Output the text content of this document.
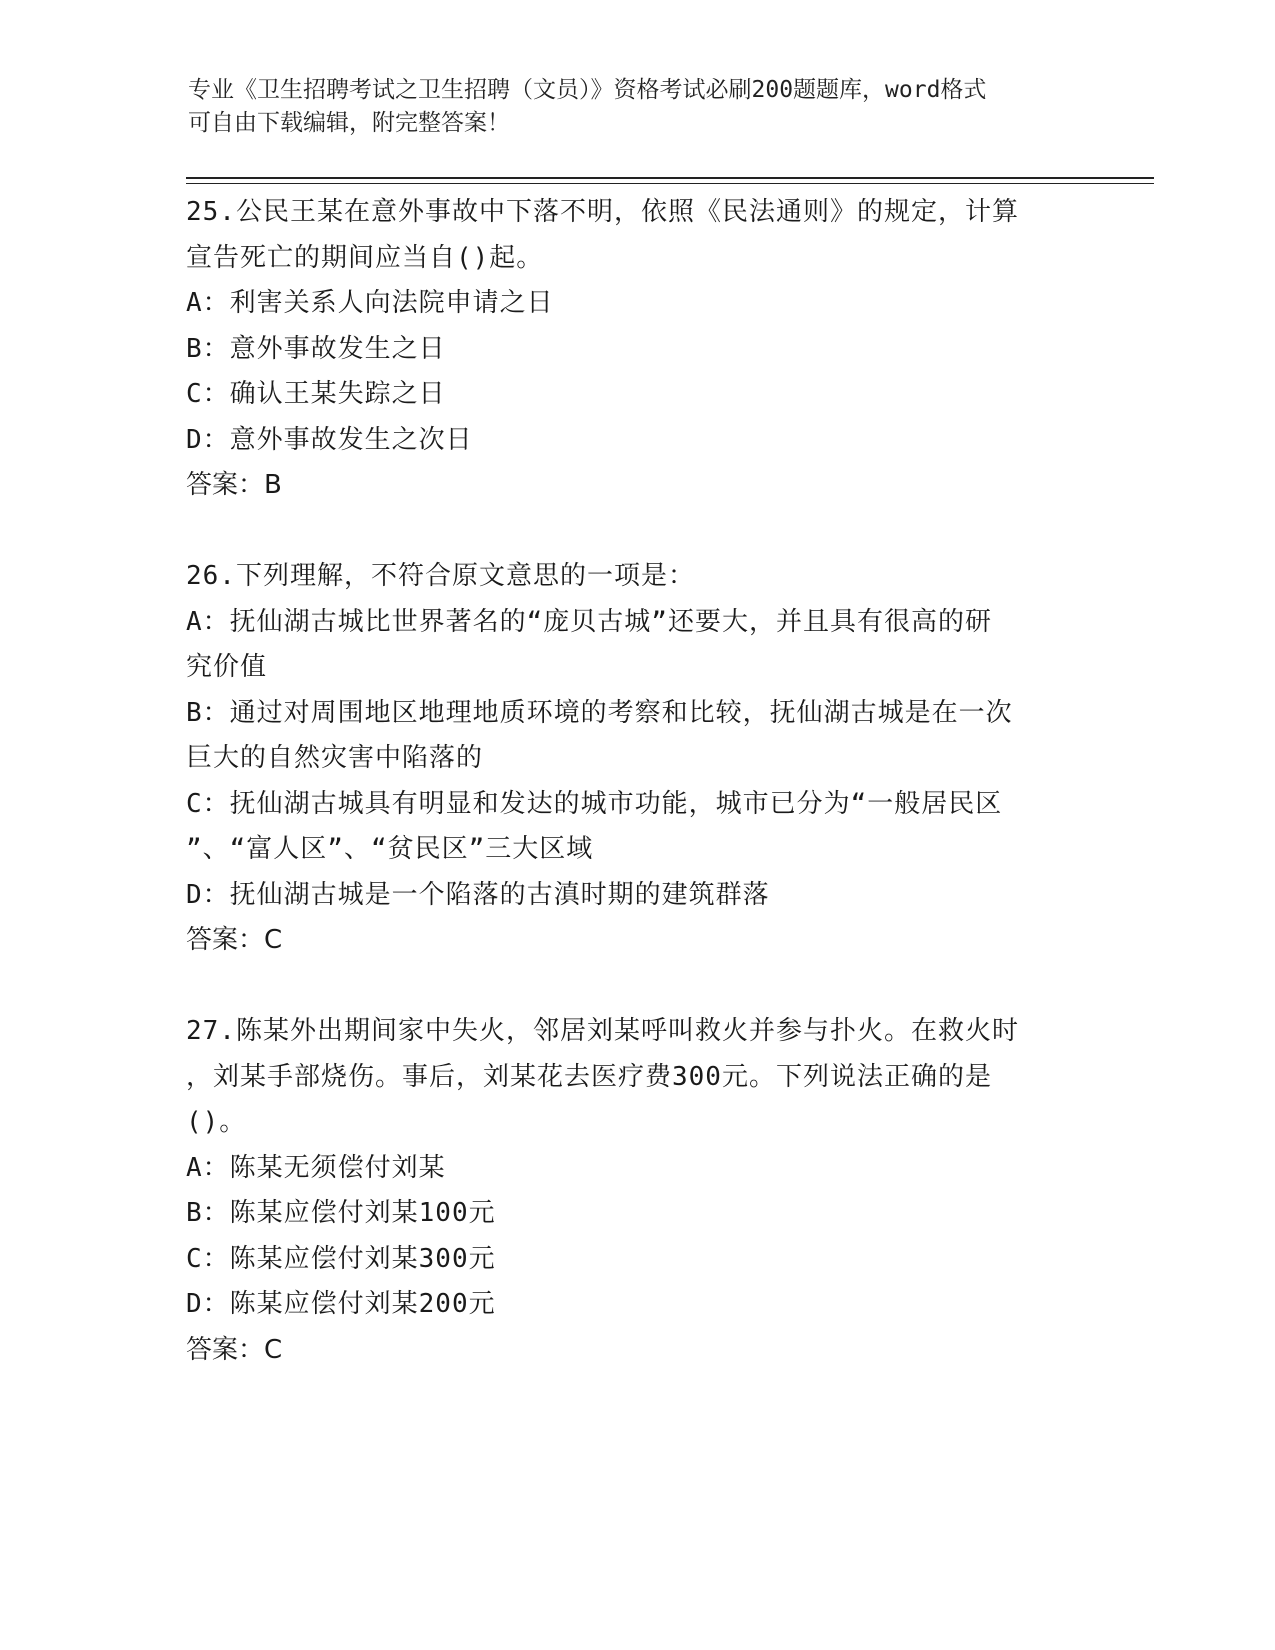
专业《卫生招聘考试之卫生招聘（文员）》资格考试必刷200题题库，word格式
可自由下载编辑，附完整答案！
25.公民王某在意外事故中下落不明，依照《民法通则》的规定，计算
宣告死亡的期间应当自()起。
A：利害关系人向法院申请之日
B：意外事故发生之日
C：确认王某失踪之日
D：意外事故发生之次日
答案：B
26.下列理解，不符合原文意思的一项是：
A：抚仙湖古城比世界著名的“庞贝古城”还要大，并且具有很高的研
究价值
B：通过对周围地区地理地质环境的考察和比较，抚仙湖古城是在一次
巨大的自然灾害中陷落的
C：抚仙湖古城具有明显和发达的城市功能，城市已分为“一般居民区
”、“富人区”、“贫民区”三大区域
D：抚仙湖古城是一个陷落的古滇时期的建筑群落
答案：C
27.陈某外出期间家中失火，邻居刘某呼叫救火并参与扑火。在救火时
，刘某手部烧伤。事后，刘某花去医疗费300元。下列说法正确的是
()。
A：陈某无须偿付刘某
B：陈某应偿付刘某100元
C：陈某应偿付刘某300元
D：陈某应偿付刘某200元
答案：C
